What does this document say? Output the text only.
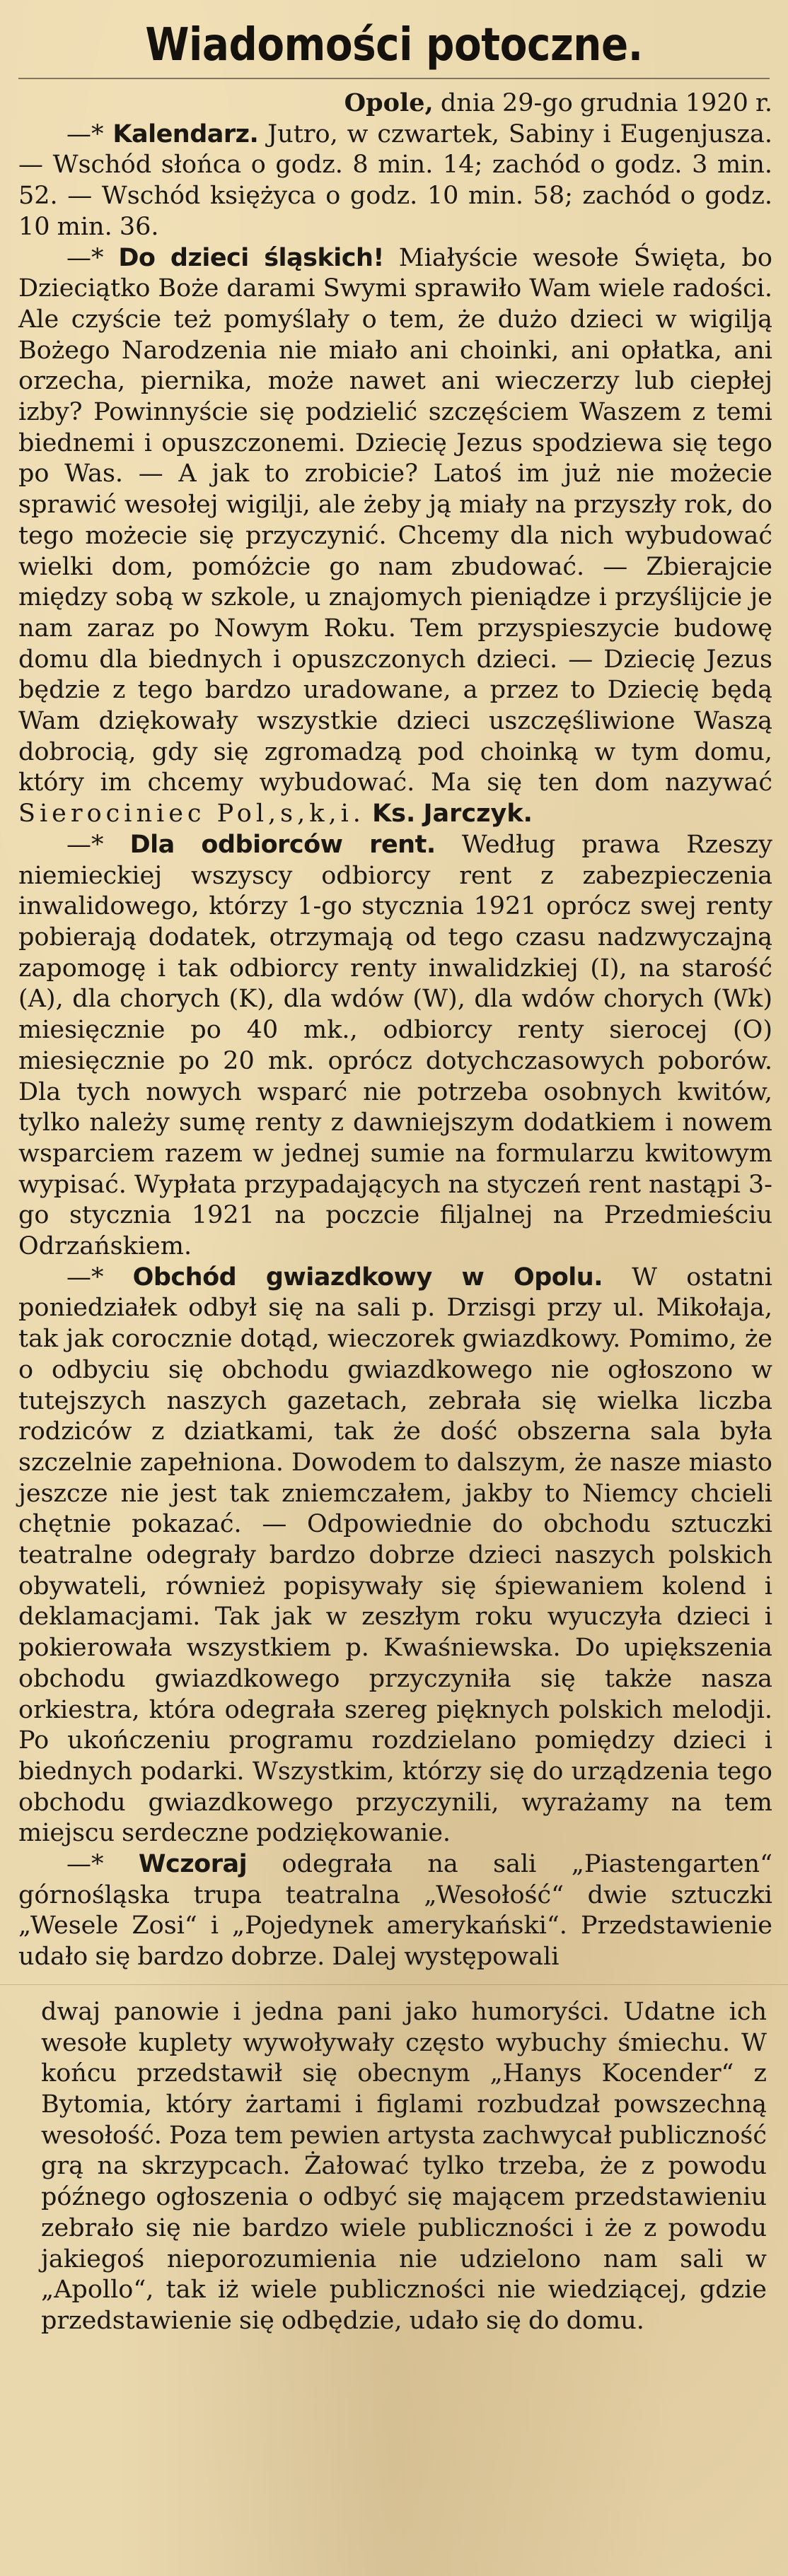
Wiadomości potoczne.

Opole, dnia 29-go grudnia 1920 r.

—* Kalendarz. Jutro, w czwartek, Sabiny i Eugenjusza. — Wschód słońca o godz. 8 min. 14; zachód o godz. 3 min. 52. — Wschód księżyca o godz. 10 min. 58; zachód o godz. 10 min. 36.

—* Do dzieci śląskich! Miałyście wesołe Święta, bo Dzieciątko Boże darami Swymi sprawiło Wam wiele radości. Ale czyście też pomyślały o tem, że dużo dzieci w wigilją Bożego Narodzenia nie miało ani choinki, ani opłatka, ani orzecha, piernika, może nawet ani wieczerzy lub ciepłej izby? Powinnyście się podzielić szczęściem Waszem z temi biednemi i opuszczonemi. Dziecię Jezus spodziewa się tego po Was. — A jak to zrobicie? Latoś im już nie możecie sprawić wesołej wigilji, ale żeby ją miały na przyszły rok, do tego możecie się przyczynić. Chcemy dla nich wybudować wielki dom, pomóżcie go nam zbudować. — Zbierajcie między sobą w szkole, u znajomych pieniądze i przyślijcie je nam zaraz po Nowym Roku. Tem przyspieszycie budowę domu dla biednych i opuszczonych dzieci. — Dziecię Jezus będzie z tego bardzo uradowane, a przez to Dziecię będą Wam dziękowały wszystkie dzieci uszczęśliwione Waszą dobrocią, gdy się zgromadzą pod choinką w tym domu, który im chcemy wybudować. Ma się ten dom nazywać Sierociniec Pol,s,k,i. Ks. Jarczyk.

—* Dla odbiorców rent. Według prawa Rzeszy niemieckiej wszyscy odbiorcy rent z zabezpieczenia inwalidowego, którzy 1-go stycznia 1921 oprócz swej renty pobierają dodatek, otrzymają od tego czasu nadzwyczajną zapomogę i tak odbiorcy renty inwalidzkiej (I), na starość (A), dla chorych (K), dla wdów (W), dla wdów chorych (Wk) miesięcznie po 40 mk., odbiorcy renty sierocej (O) miesięcznie po 20 mk. oprócz dotychczasowych poborów. Dla tych nowych wsparć nie potrzeba osobnych kwitów, tylko należy sumę renty z dawniejszym dodatkiem i nowem wsparciem razem w jednej sumie na formularzu kwitowym wypisać. Wypłata przypadających na styczeń rent nastąpi 3-go stycznia 1921 na poczcie filjalnej na Przedmieściu Odrzańskiem.

—* Obchód gwiazdkowy w Opolu. W ostatni poniedziałek odbył się na sali p. Drzisgi przy ul. Mikołaja, tak jak corocznie dotąd, wieczorek gwiazdkowy. Pomimo, że o odbyciu się obchodu gwiazdkowego nie ogłoszono w tutejszych naszych gazetach, zebrała się wielka liczba rodziców z dziatkami, tak że dość obszerna sala była szczelnie zapełniona. Dowodem to dalszym, że nasze miasto jeszcze nie jest tak zniemczałem, jakby to Niemcy chcieli chętnie pokazać. — Odpowiednie do obchodu sztuczki teatralne odegrały bardzo dobrze dzieci naszych polskich obywateli, również popisywały się śpiewaniem kolend i deklamacjami. Tak jak w zeszłym roku wyuczyła dzieci i pokierowała wszystkiem p. Kwaśniewska. Do upiększenia obchodu gwiazdkowego przyczyniła się także nasza orkiestra, która odegrała szereg pięknych polskich melodji. Po ukończeniu programu rozdzielano pomiędzy dzieci i biednych podarki. Wszystkim, którzy się do urządzenia tego obchodu gwiazdkowego przyczynili, wyrażamy na tem miejscu serdeczne podziękowanie.

—* Wczoraj odegrała na sali „Piastengarten“ górnośląska trupa teatralna „Wesołość“ dwie sztuczki „Wesele Zosi“ i „Pojedynek amerykański“. Przedstawienie udało się bardzo dobrze. Dalej występowali

dwaj panowie i jedna pani jako humoryści. Udatne ich wesołe kuplety wywoływały często wybuchy śmiechu. W końcu przedstawił się obecnym „Hanys Kocender“ z Bytomia, który żartami i figlami rozbudzał powszechną wesołość. Poza tem pewien artysta zachwycał publiczność grą na skrzypcach. Żałować tylko trzeba, że z powodu późnego ogłoszenia o odbyć się mającem przedstawieniu zebrało się nie bardzo wiele publiczności i że z powodu jakiegoś nieporozumienia nie udzielono nam sali w „Apollo“, tak iż wiele publiczności nie wiedziącej, gdzie przedstawienie się odbędzie, udało się do domu.
